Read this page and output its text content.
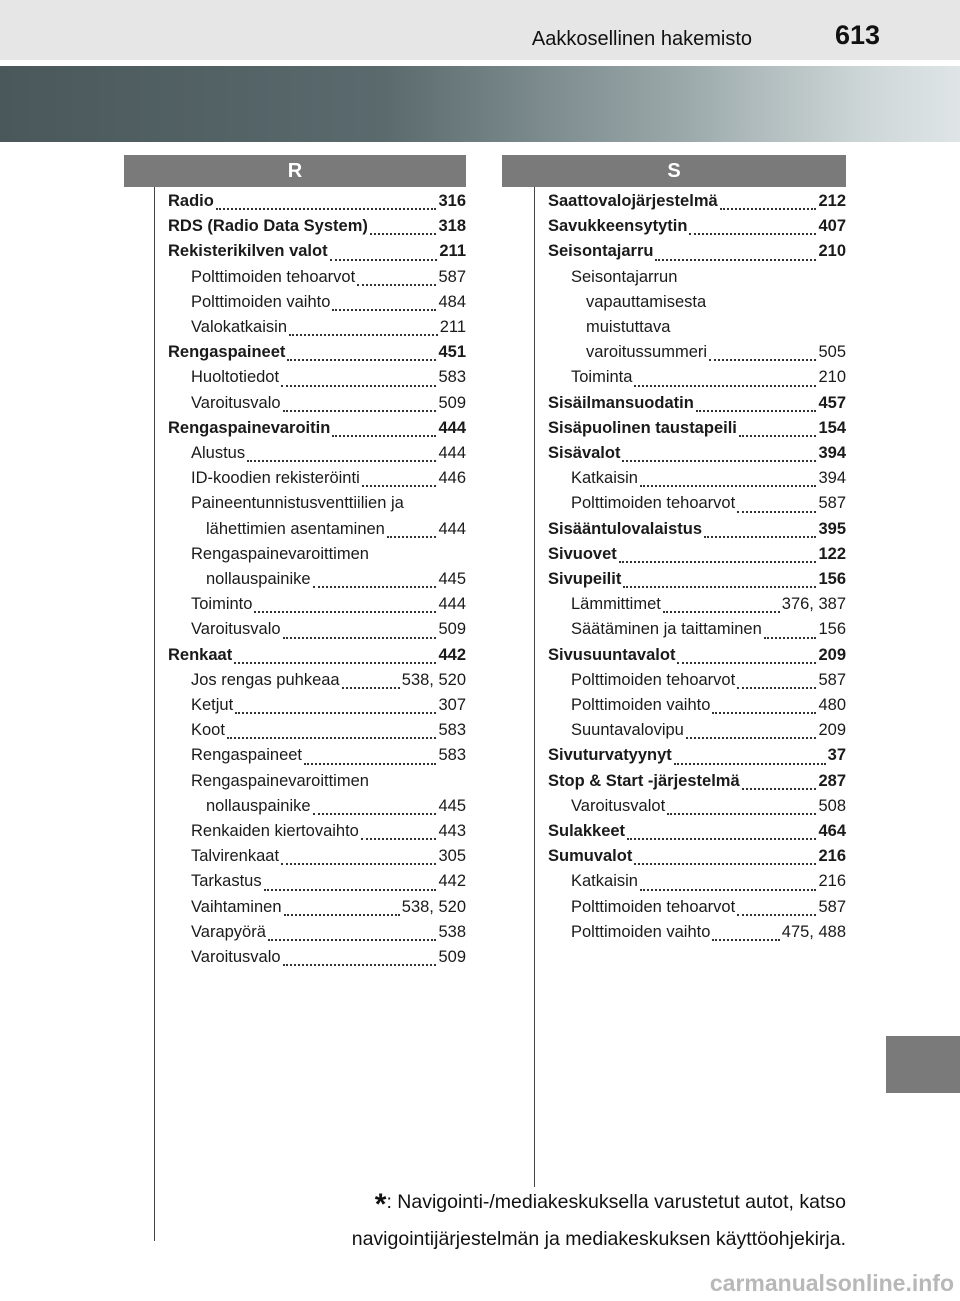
Aakkosellinen hakemisto	613
R	S
Radio	316
RDS (Radio Data System)	318
Rekisterikilven valot	211
Polttimoiden tehoarvot	587
Polttimoiden vaihto	484
Valokatkaisin	211
Rengaspaineet	451
Huoltotiedot	583
Varoitusvalo	509
Rengaspainevaroitin	444
Alustus	444
ID-koodien rekisteröinti	446
Paineentunnistusventtiilien ja
lähettimien asentaminen	444
Rengaspainevaroittimen
nollauspainike	445
Toiminto	444
Varoitusvalo	509
Renkaat	442
Jos rengas puhkeaa	538, 520
Ketjut	307
Koot	583
Rengaspaineet	583
Rengaspainevaroittimen
nollauspainike	445
Renkaiden kiertovaihto	443
Talvirenkaat	305
Tarkastus	442
Vaihtaminen	538, 520
Varapyörä	538
Varoitusvalo	509
Saattovalojärjestelmä	212
Savukkeensytytin	407
Seisontajarru	210
Seisontajarrun
vapauttamisesta
muistuttava
varoitussummeri	505
Toiminta	210
Sisäilmansuodatin	457
Sisäpuolinen taustapeili	154
Sisävalot	394
Katkaisin	394
Polttimoiden tehoarvot	587
Sisääntulovalaistus	395
Sivuovet	122
Sivupeilit	156
Lämmittimet	376, 387
Säätäminen ja taittaminen	156
Sivusuuntavalot	209
Polttimoiden tehoarvot	587
Polttimoiden vaihto	480
Suuntavalovipu	209
Sivuturvatyynyt	37
Stop & Start -järjestelmä	287
Varoitusvalot	508
Sulakkeet	464
Sumuvalot	216
Katkaisin	216
Polttimoiden tehoarvot	587
Polttimoiden vaihto	475, 488
*: Navigointi-/mediakeskuksella varustetut autot, katso
navigointijärjestelmän ja mediakeskuksen käyttöohjekirja.
carmanualsonline.info
